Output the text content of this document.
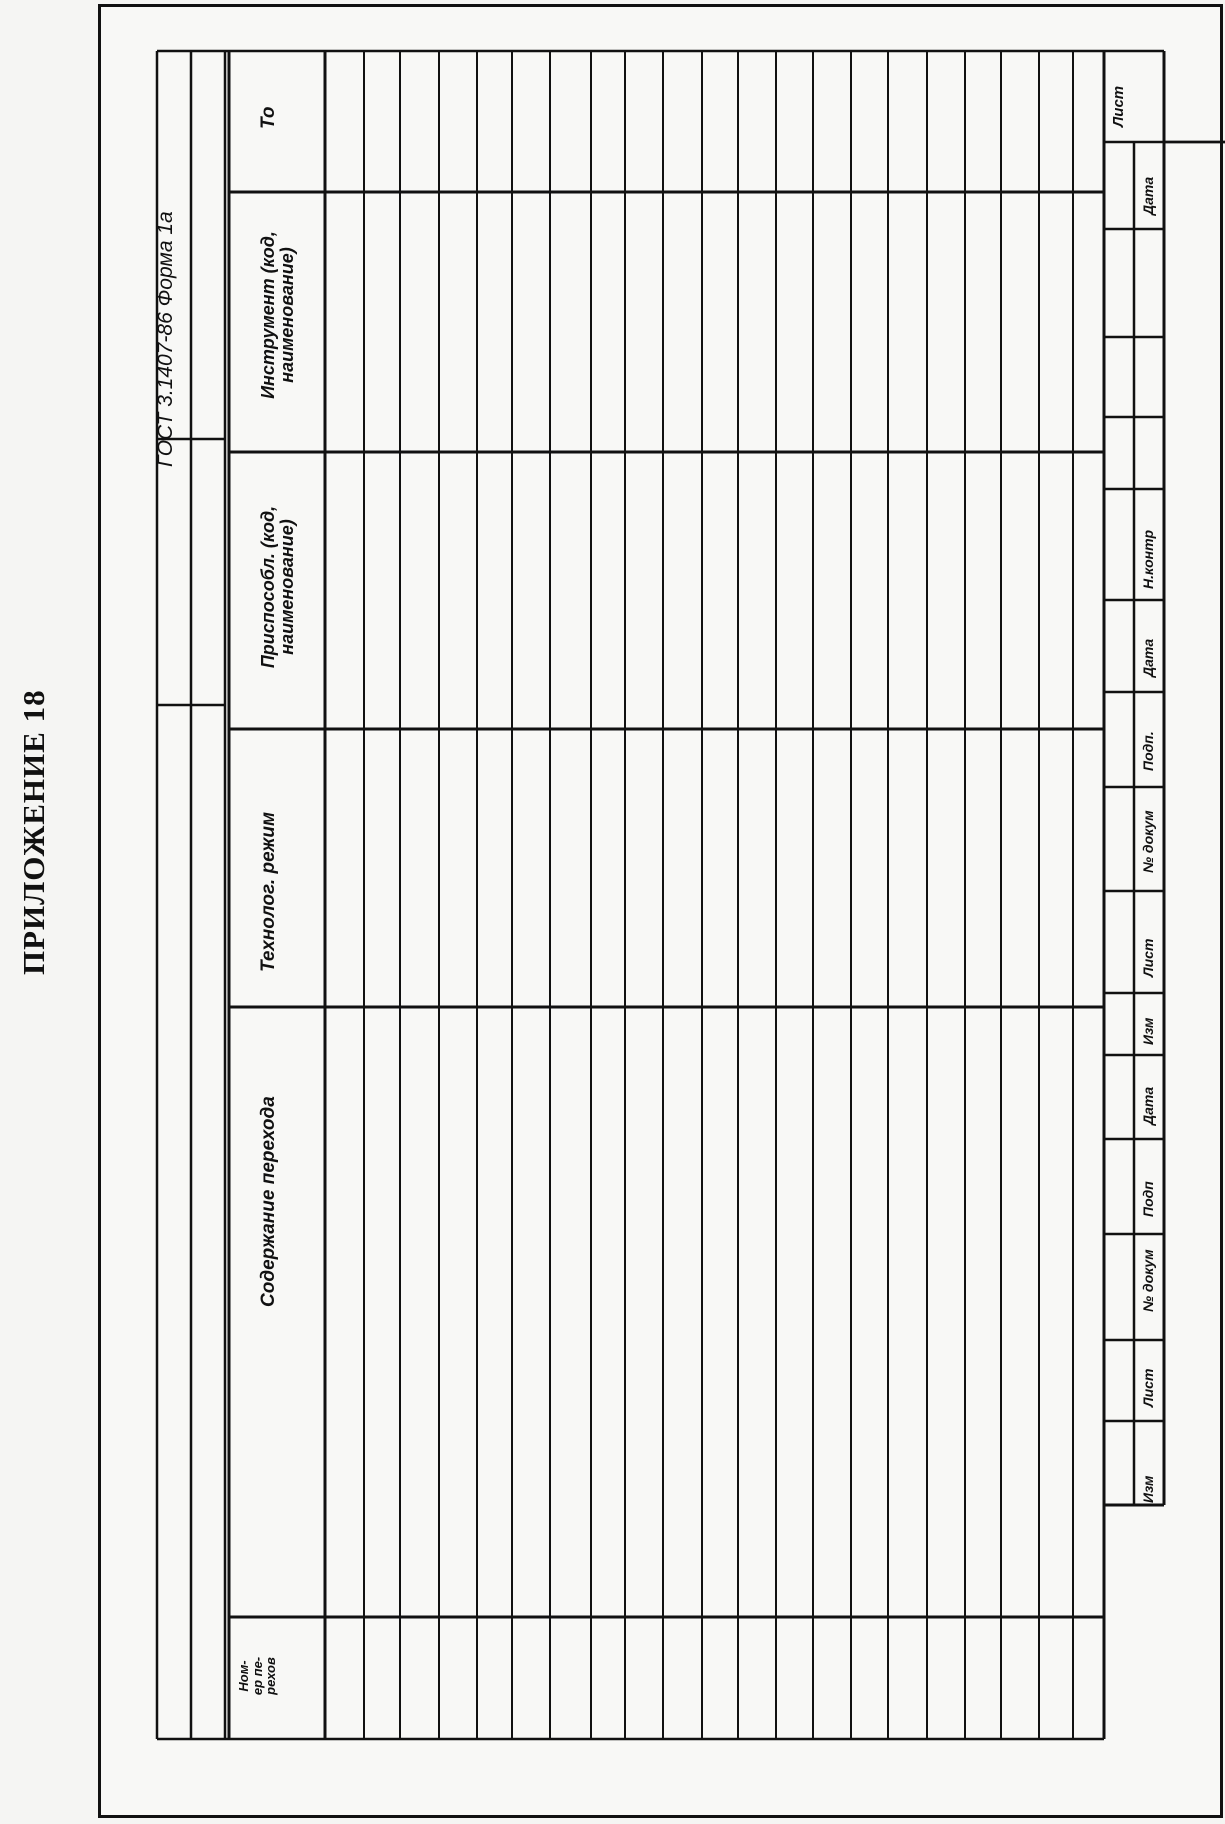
ПРИЛОЖЕНИЕ 18
Ном-
ер пе-
рехов
Содержание перехода
Технолог. режим
Приспособл. (код,
наименование)
Инструмент (код,
наименование)
То
ГОСТ 3.1407-86 Форма 1а
Изм
Лист
№ докум
Подп
Дата
Изм
Лист
№ докум
Подп.
Дата
Н.контр
Дата
Лист
